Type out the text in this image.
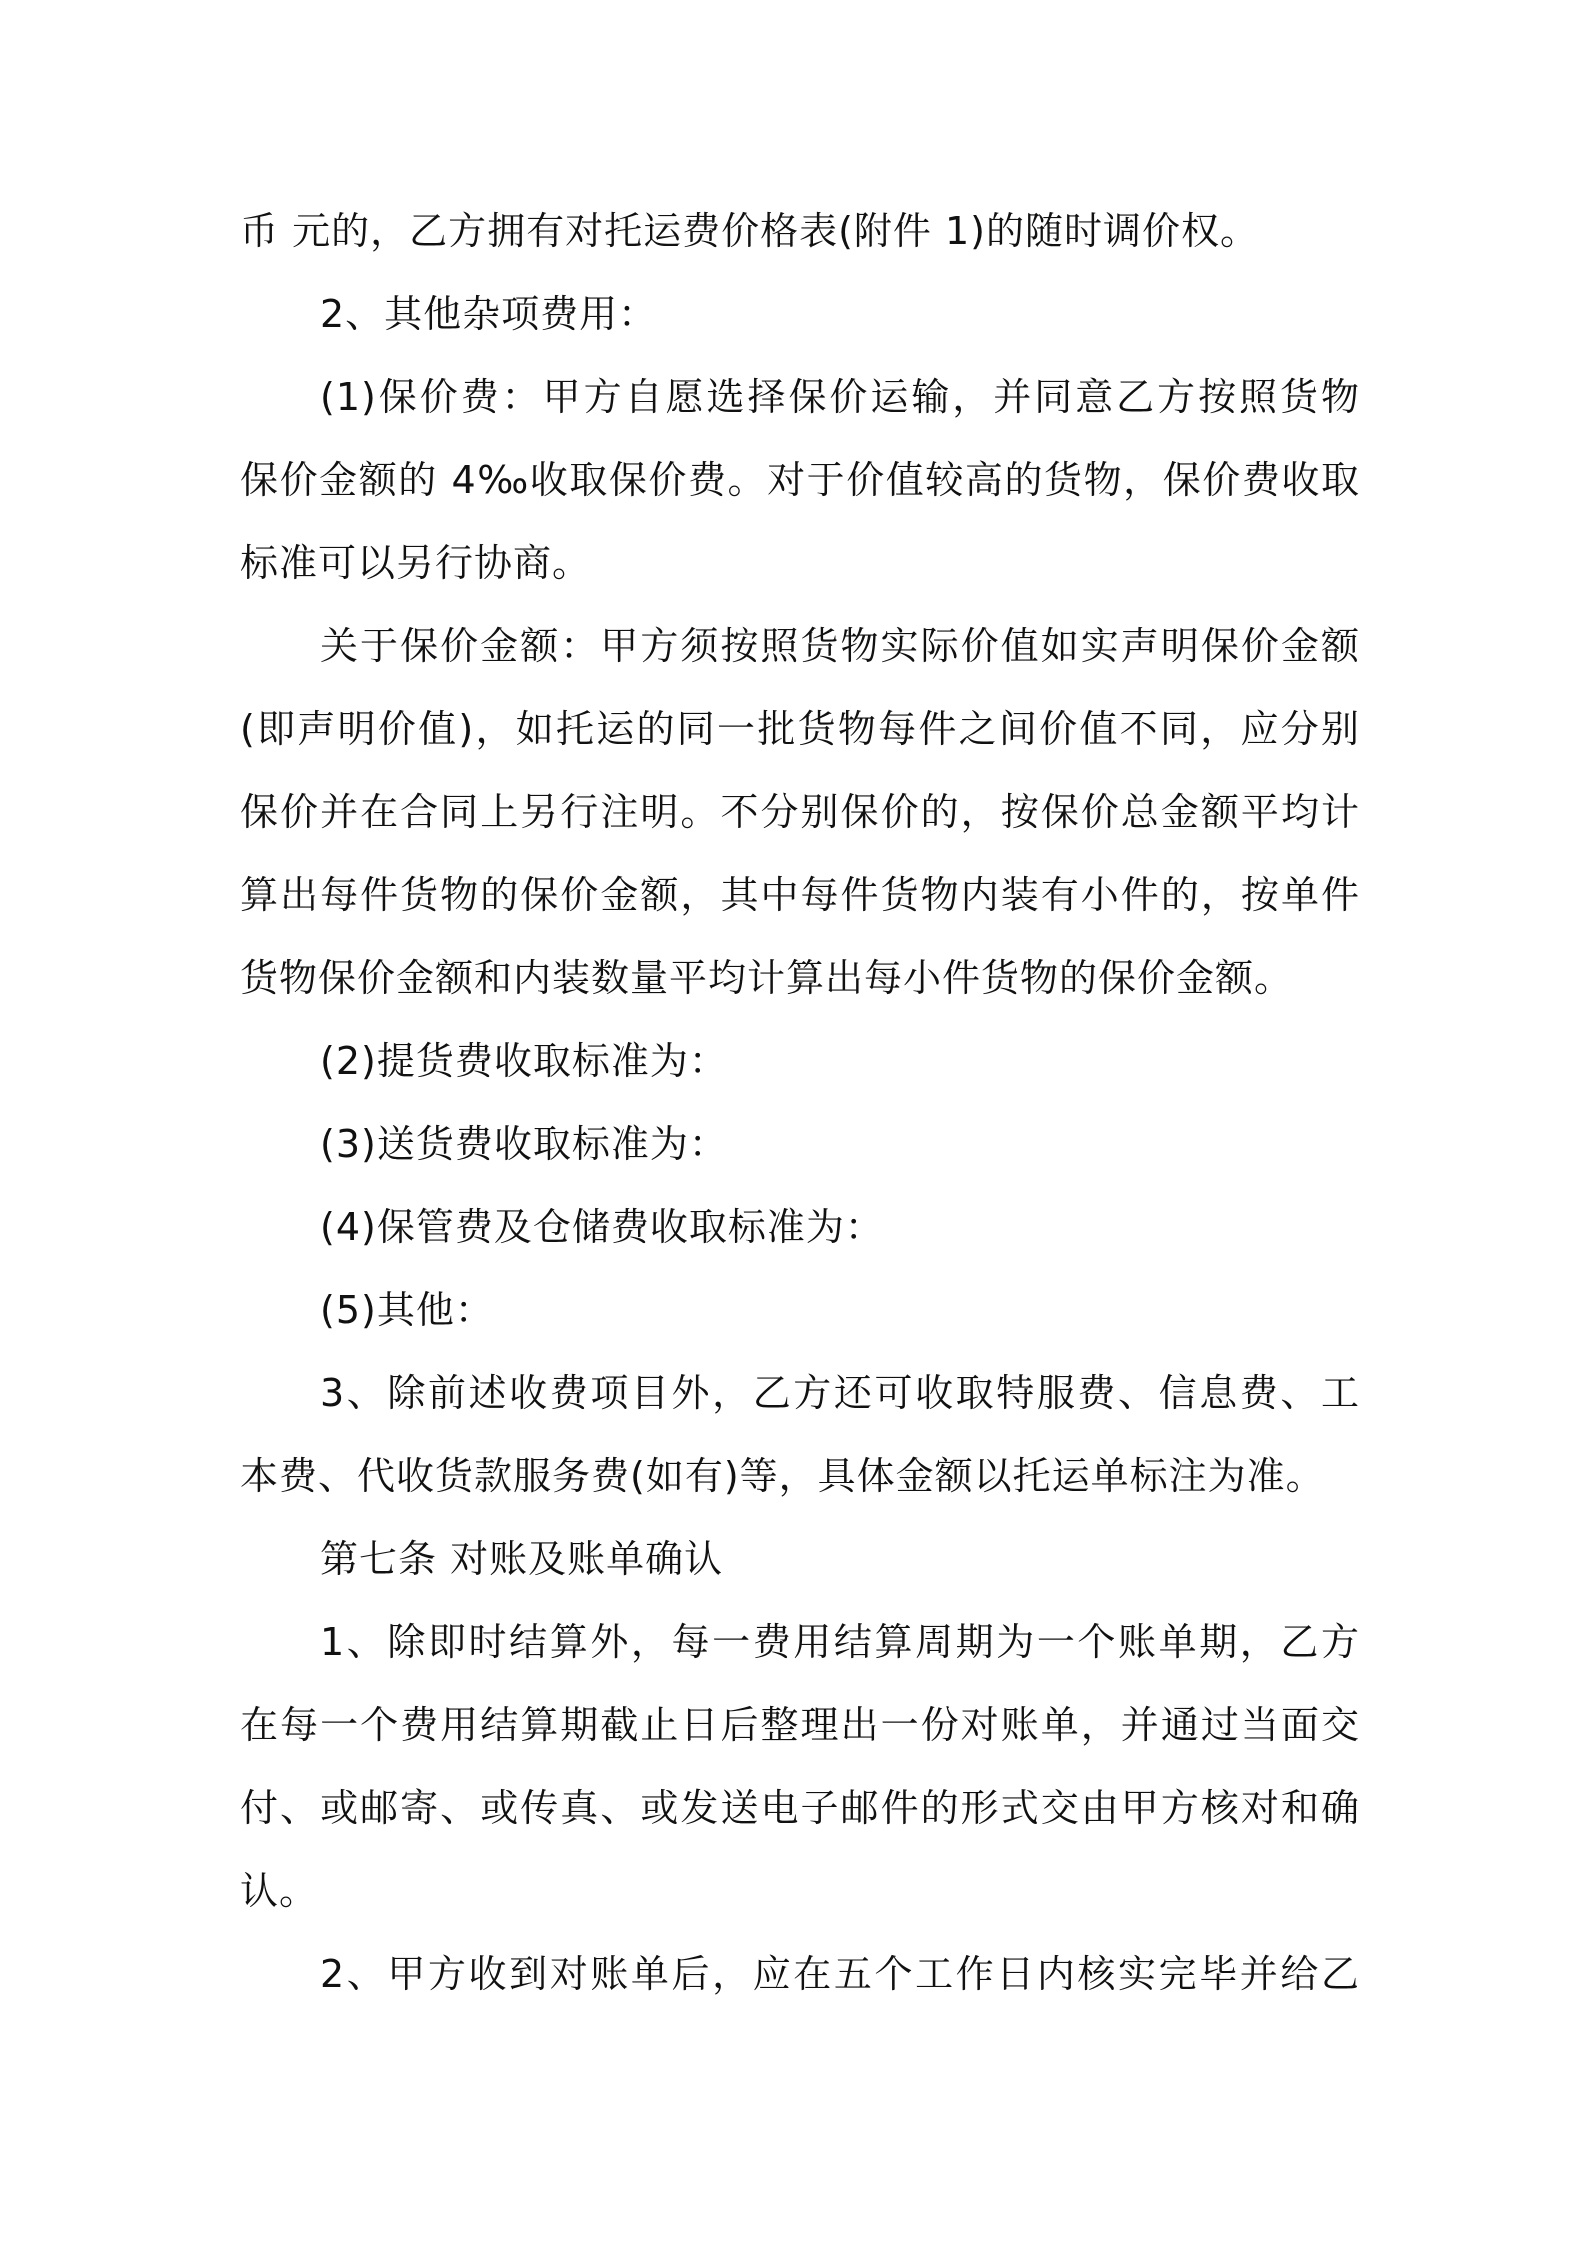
币 元的，乙方拥有对托运费价格表(附件 1)的随时调价权。
2、其他杂项费用：
(1)保价费：甲方自愿选择保价运输，并同意乙方按照货物
保价金额的 4‰收取保价费。对于价值较高的货物，保价费收取
标准可以另行协商。
关于保价金额：甲方须按照货物实际价值如实声明保价金额
(即声明价值)，如托运的同一批货物每件之间价值不同，应分别
保价并在合同上另行注明。不分别保价的，按保价总金额平均计
算出每件货物的保价金额，其中每件货物内装有小件的，按单件
货物保价金额和内装数量平均计算出每小件货物的保价金额。
(2)提货费收取标准为：
(3)送货费收取标准为：
(4)保管费及仓储费收取标准为：
(5)其他：
3、除前述收费项目外，乙方还可收取特服费、信息费、工
本费、代收货款服务费(如有)等，具体金额以托运单标注为准。
第七条 对账及账单确认
1、除即时结算外，每一费用结算周期为一个账单期，乙方
在每一个费用结算期截止日后整理出一份对账单，并通过当面交
付、或邮寄、或传真、或发送电子邮件的形式交由甲方核对和确
认。
2、甲方收到对账单后，应在五个工作日内核实完毕并给乙
